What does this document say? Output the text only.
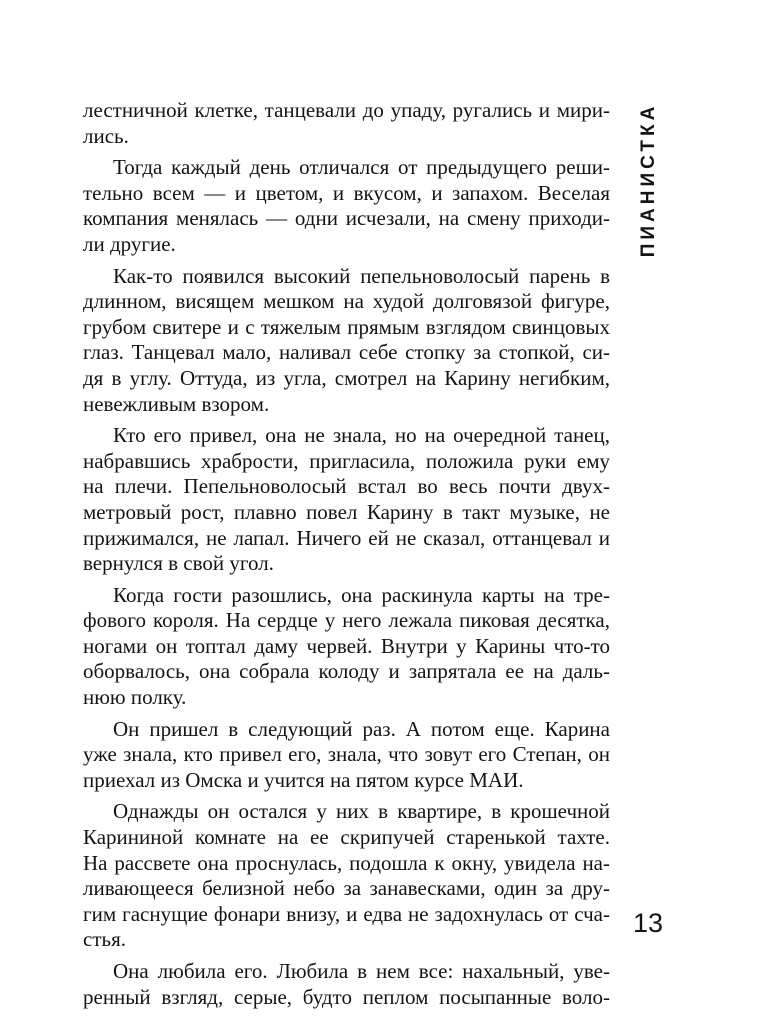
ПИАНИСТКА
лестничной клетке, танцевали до упаду, ругались и мири-
лись.
Тогда каждый день отличался от предыдущего реши-
тельно всем — и цветом, и вкусом, и запахом. Веселая
компания менялась — одни исчезали, на смену приходи-
ли другие.
Как-то появился высокий пепельноволосый парень в
длинном, висящем мешком на худой долговязой фигуре,
грубом свитере и с тяжелым прямым взглядом свинцовых
глаз. Танцевал мало, наливал себе стопку за стопкой, си-
дя в углу. Оттуда, из угла, смотрел на Карину негибким,
невежливым взором.
Кто его привел, она не знала, но на очередной танец,
набравшись храбрости, пригласила, положила руки ему
на плечи. Пепельноволосый встал во весь почти двух-
метровый рост, плавно повел Карину в такт музыке, не
прижимался, не лапал. Ничего ей не сказал, оттанцевал и
вернулся в свой угол.
Когда гости разошлись, она раскинула карты на тре-
фового короля. На сердце у него лежала пиковая десятка,
ногами он топтал даму червей. Внутри у Карины что-то
оборвалось, она собрала колоду и запрятала ее на даль-
нюю полку.
Он пришел в следующий раз. А потом еще. Карина
уже знала, кто привел его, знала, что зовут его Степан, он
приехал из Омска и учится на пятом курсе МАИ.
Однажды он остался у них в квартире, в крошечной
Карининой комнате на ее скрипучей старенькой тахте.
На рассвете она проснулась, подошла к окну, увидела на-
ливающееся белизной небо за занавесками, один за дру-
гим гаснущие фонари внизу, и едва не задохнулась от сча-
стья.
Она любила его. Любила в нем все: нахальный, уве-
ренный взгляд, серые, будто пеплом посыпанные воло-
13
